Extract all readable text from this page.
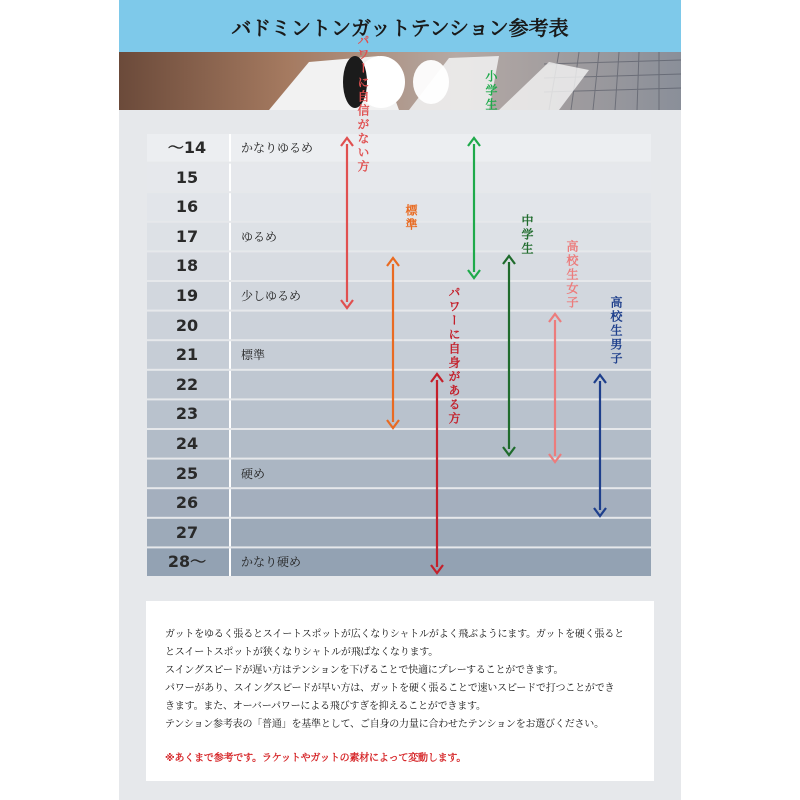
バドミントンガットテンション参考表
～14	かなりゆるめ
15
16
17	ゆるめ
18
19	少しゆるめ
20
21	標準
22
23
24
25	硬め
26
27
28～	かなり硬め
パワーに自信がない方	小学生
標準	中学生
高校生女子
パワーに自身がある方	高校生男子
ガットをゆるく張るとスイートスポットが広くなりシャトルがよく飛ぶようにます。ガットを硬く張ると
とスイートスポットが狭くなりシャトルが飛ばなくなります。
スイングスピードが遅い方はテンションを下げることで快適にプレーすることができます。
パワーがあり、スイングスピードが早い方は、ガットを硬く張ることで速いスピードで打つことができ
きます。また、オーバーパワーによる飛びすぎを抑えることができます。
テンション参考表の「普通」を基準として、ご自身の力量に合わせたテンションをお選びください。
※あくまで参考です。ラケットやガットの素材によって変動します。
